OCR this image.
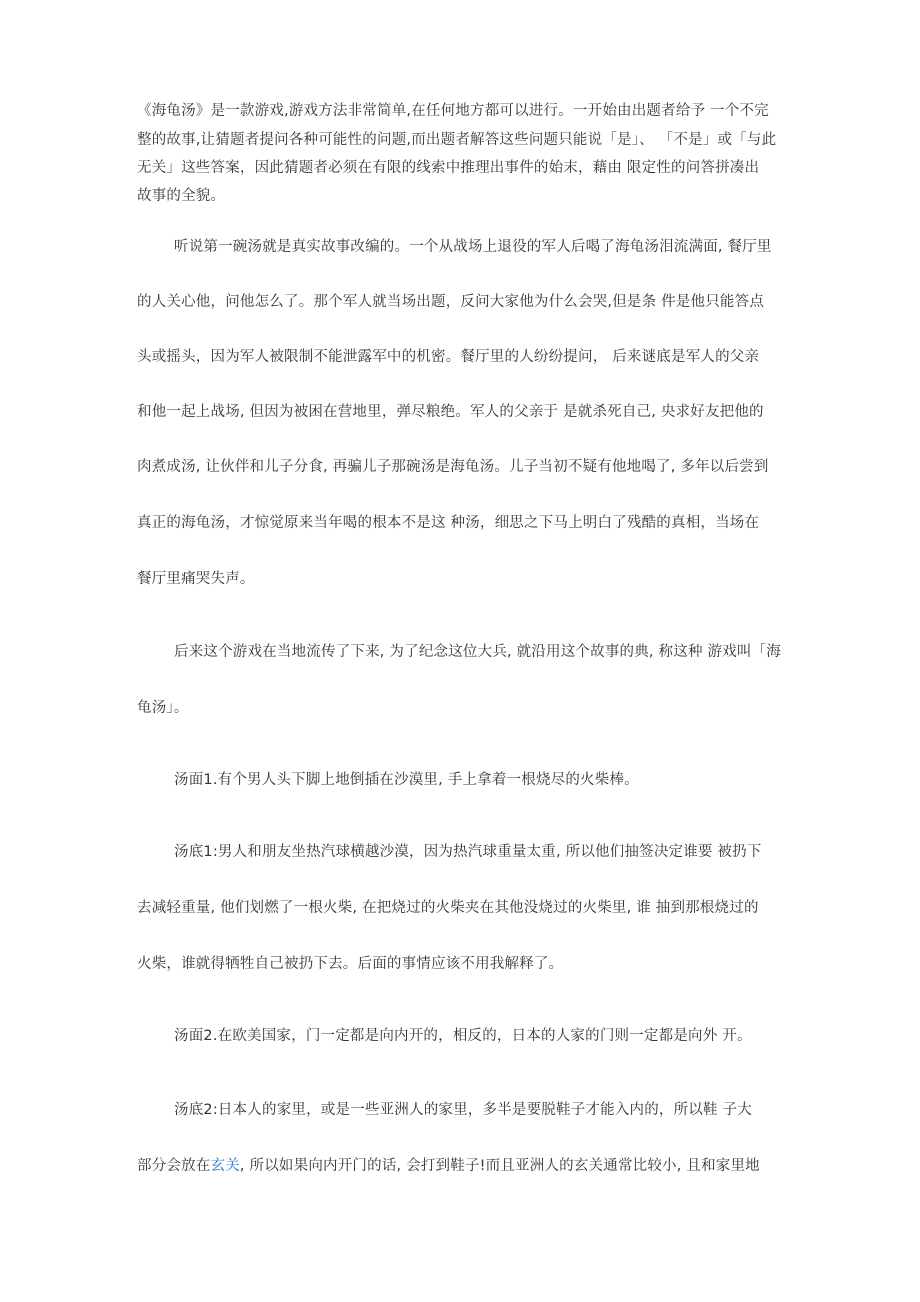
《海龟汤》是一款游戏,游戏方法非常简单,在任何地方都可以进行。一开始由出题者给予 一个不完
整的故事,让猜题者提问各种可能性的问题,而出题者解答这些问题只能说「是」、 「不是」或「与此
无关」这些答案，因此猜题者必须在有限的线索中推理出事件的始末，藉由 限定性的问答拼凑出
故事的全貌。
听说第一碗汤就是真实故事改编的。一个从战场上退役的军人后喝了海龟汤泪流满面, 餐厅里
的人关心他，问他怎么了。那个军人就当场出题，反问大家他为什么会哭,但是条 件是他只能答点
头或摇头，因为军人被限制不能泄露军中的机密。餐厅里的人纷纷提问， 后来谜底是军人的父亲
和他一起上战场, 但因为被困在营地里，弹尽粮绝。军人的父亲于 是就杀死自己, 央求好友把他的
肉煮成汤, 让伙伴和儿子分食, 再骗儿子那碗汤是海龟汤。儿子当初不疑有他地喝了, 多年以后尝到
真正的海龟汤，才惊觉原来当年喝的根本不是这 种汤，细思之下马上明白了残酷的真相，当场在
餐厅里痛哭失声。
后来这个游戏在当地流传了下来, 为了纪念这位大兵, 就沿用这个故事的典, 称这种 游戏叫「海
龟汤」。
汤面1.有个男人头下脚上地倒插在沙漠里, 手上拿着一根烧尽的火柴棒。
汤底1:男人和朋友坐热汽球横越沙漠，因为热汽球重量太重, 所以他们抽签决定谁要 被扔下
去减轻重量, 他们划燃了一根火柴, 在把烧过的火柴夹在其他没烧过的火柴里, 谁 抽到那根烧过的
火柴，谁就得牺牲自己被扔下去。后面的事情应该不用我解释了。
汤面2.在欧美国家，门一定都是向内开的，相反的，日本的人家的门则一定都是向外 开。
汤底2:日本人的家里，或是一些亚洲人的家里，多半是要脱鞋子才能入内的，所以鞋 子大
部分会放在玄关, 所以如果向内开门的话, 会打到鞋子!而且亚洲人的玄关通常比较小, 且和家里地
